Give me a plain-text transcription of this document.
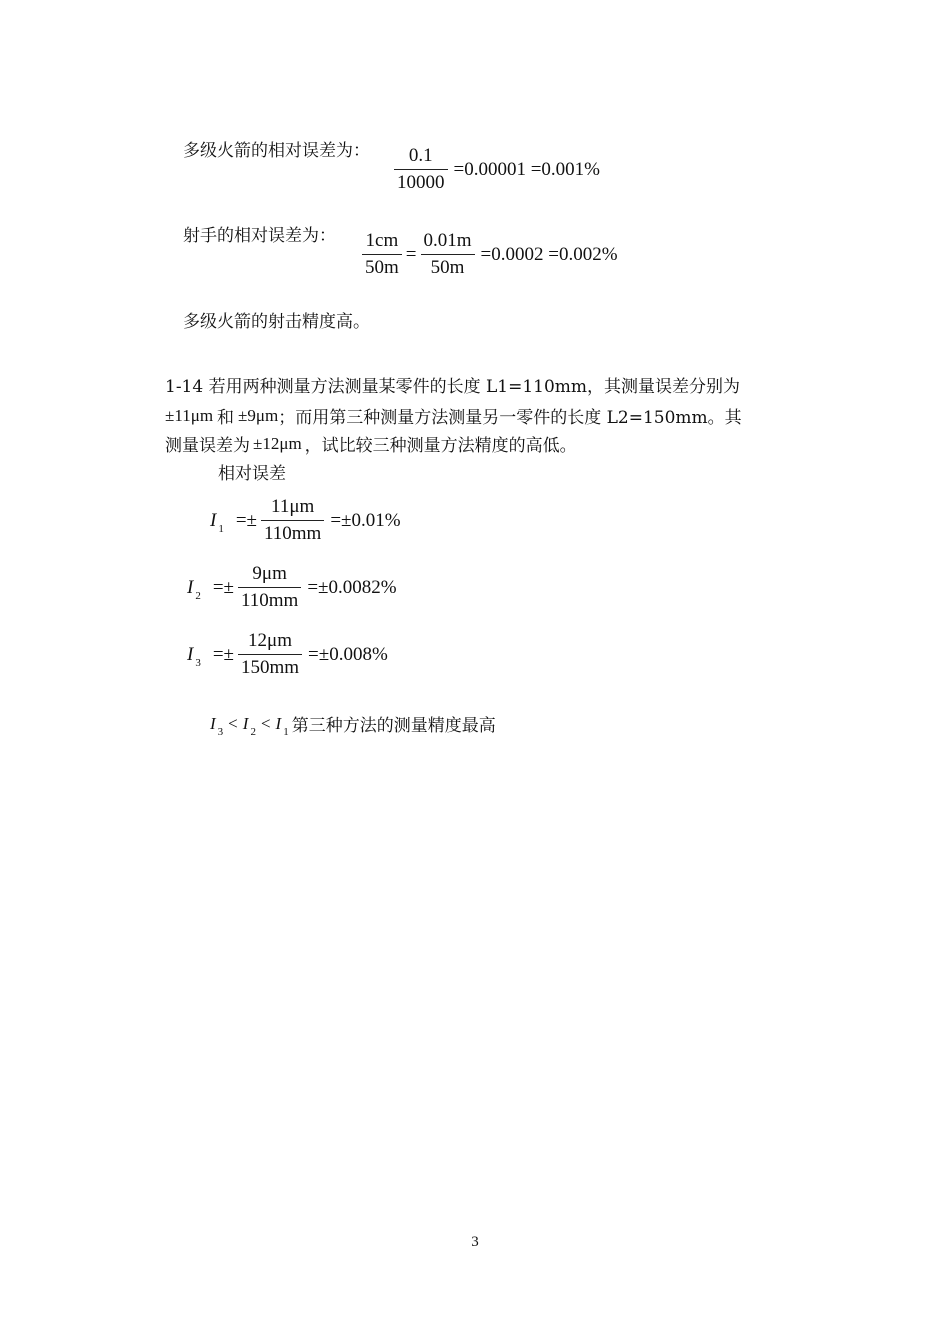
多级火箭的相对误差为： $\frac{0.1}{10000} =0.00001 =0.001\%$
射手的相对误差为： $\frac{1cm}{50m} = \frac{0.01m}{50m} =0.0002 =0.002\%$
多级火箭的射击精度高。
1-14 若用两种测量方法测量某零件的长度 L1=110mm，其测量误差分别为
±11μm 和 ±9μm ；而用第三种测量方法测量另一零件的长度 L2=150mm。其
测量误差为 ±12μm ，试比较三种测量方法精度的高低。
相对误差
I $_1 =\pm \frac{11\mu m}{110mm} =\pm 0.01\%$
I $_2 =\pm \frac{9\mu m}{110mm} =\pm 0.0082\%$
I $_3 =\pm \frac{12\mu m}{150mm} =\pm 0.008\%$
I $_3$ < I $_2$ < I $_1$ 第三种方法的测量精度最高
3
